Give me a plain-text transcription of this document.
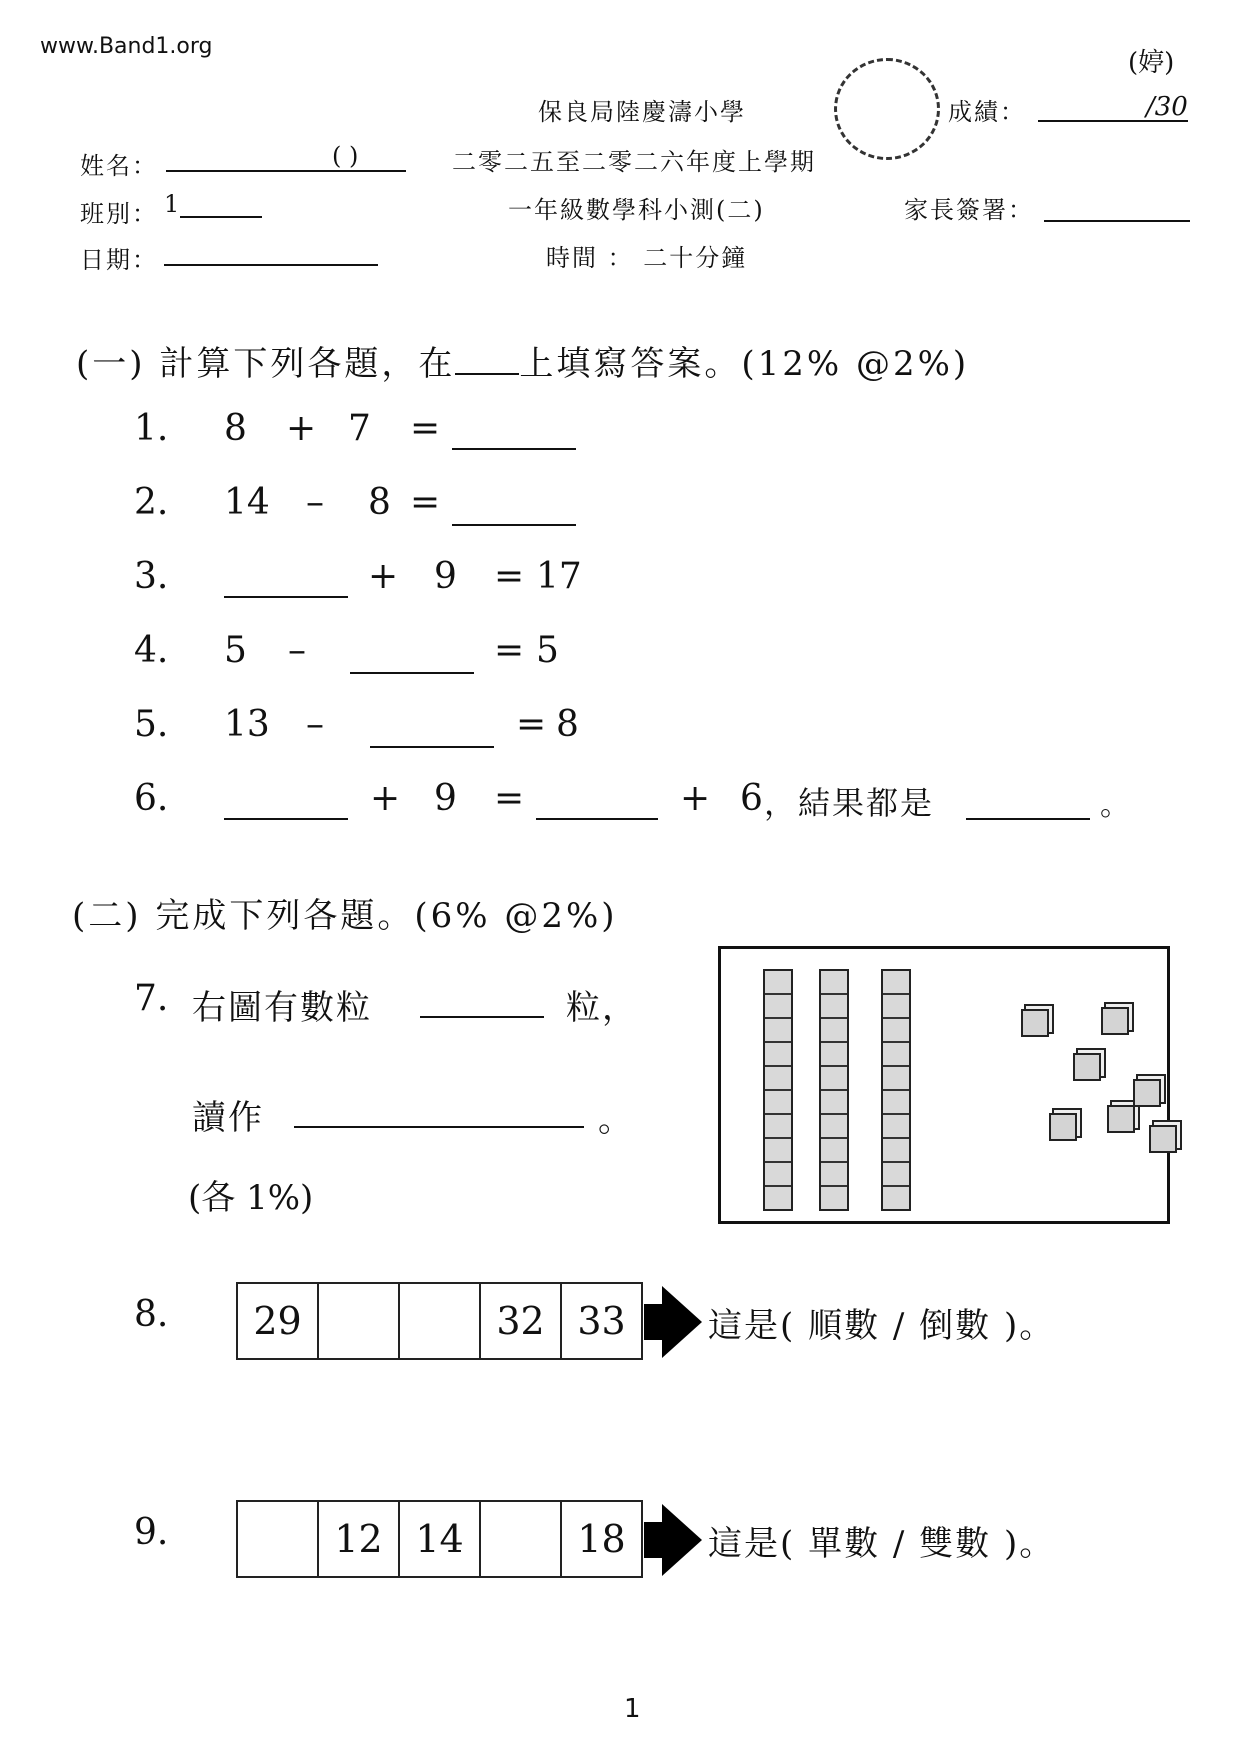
www.Band1.org
(婷)
保良局陸慶濤小學	成績：	/30
姓名：	( )	二零二五至二零二六年度上學期
班別： 1	一年級數學科小測(二)	家長簽署：
日期：	時間 ： 二十分鐘
(一) 計算下列各題，在 上填寫答案。(12% @2%)
1. 8 + 7 =
2. 14 – 8 =
3.	+ 9 = 17
4. 5 –	= 5
5. 13 –	= 8
6.	+ 9 =	+ 6 ，結果都是	。
(二) 完成下列各題。(6% @2%)
7. 右圖有數粒	粒，
讀作	。
(各 1%)
8. 29			32	33 這是( 順數 / 倒數 )。
9.
		12	14		18 這是( 單數 / 雙數 )。
1
